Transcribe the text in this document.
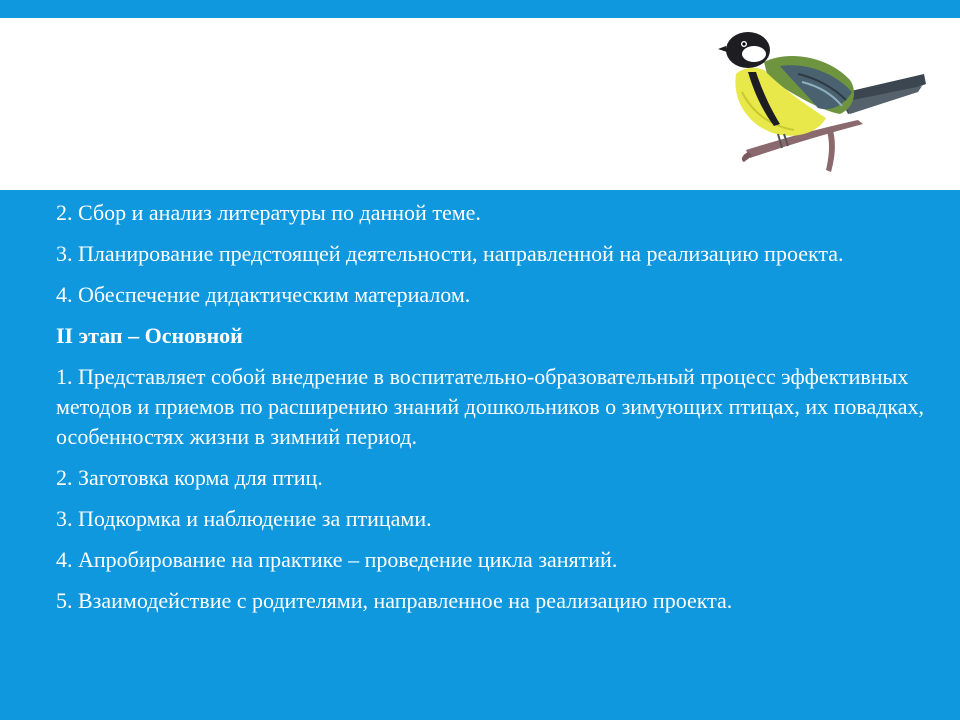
2. Сбор и анализ литературы по данной теме.

3. Планирование предстоящей деятельности, направленной на реализацию проекта.

4. Обеспечение дидактическим материалом.

II этап – Основной

1. Представляет собой внедрение в воспитательно-образовательный процесс эффективных методов и приемов по расширению знаний дошкольников о зимующих птицах, их повадках, особенностях жизни в зимний период.

2. Заготовка корма для птиц.

3. Подкормка и наблюдение за птицами.

4. Апробирование на практике – проведение цикла занятий.

5. Взаимодействие с родителями, направленное на реализацию проекта.
